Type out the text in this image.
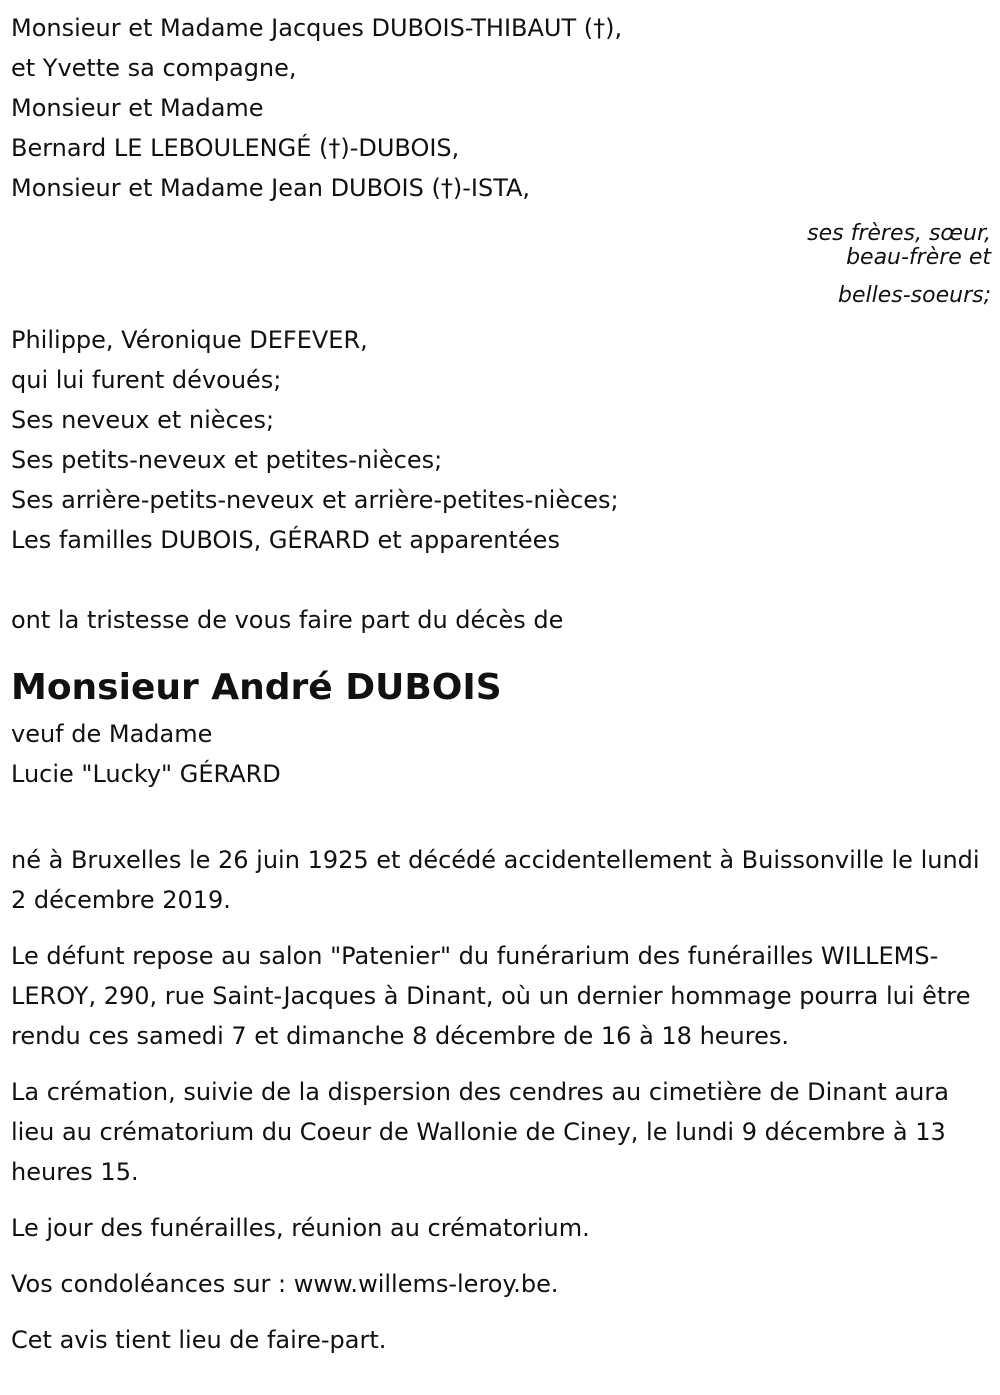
Monsieur et Madame Jacques DUBOIS-THIBAUT (†),
et Yvette sa compagne,
Monsieur et Madame
Bernard LE LEBOULENGÉ (†)-DUBOIS,
Monsieur et Madame Jean DUBOIS (†)-ISTA,
ses frères, sœur,
beau-frère et
belles-soeurs;
Philippe, Véronique DEFEVER,
qui lui furent dévoués;
Ses neveux et nièces;
Ses petits-neveux et petites-nièces;
Ses arrière-petits-neveux et arrière-petites-nièces;
Les familles DUBOIS, GÉRARD et apparentées
ont la tristesse de vous faire part du décès de
Monsieur André DUBOIS
veuf de Madame
Lucie "Lucky" GÉRARD

né à Bruxelles le 26 juin 1925 et décédé accidentellement à Buissonville le lundi 2 décembre 2019.

Le défunt repose au salon "Patenier" du funérarium des funérailles WILLEMS-LEROY, 290, rue Saint-Jacques à Dinant, où un dernier hommage pourra lui être rendu ces samedi 7 et dimanche 8 décembre de 16 à 18 heures.

La crémation, suivie de la dispersion des cendres au cimetière de Dinant aura lieu au crématorium du Coeur de Wallonie de Ciney, le lundi 9 décembre à 13 heures 15.

Le jour des funérailles, réunion au crématorium.

Vos condoléances sur : www.willems-leroy.be.

Cet avis tient lieu de faire-part.
